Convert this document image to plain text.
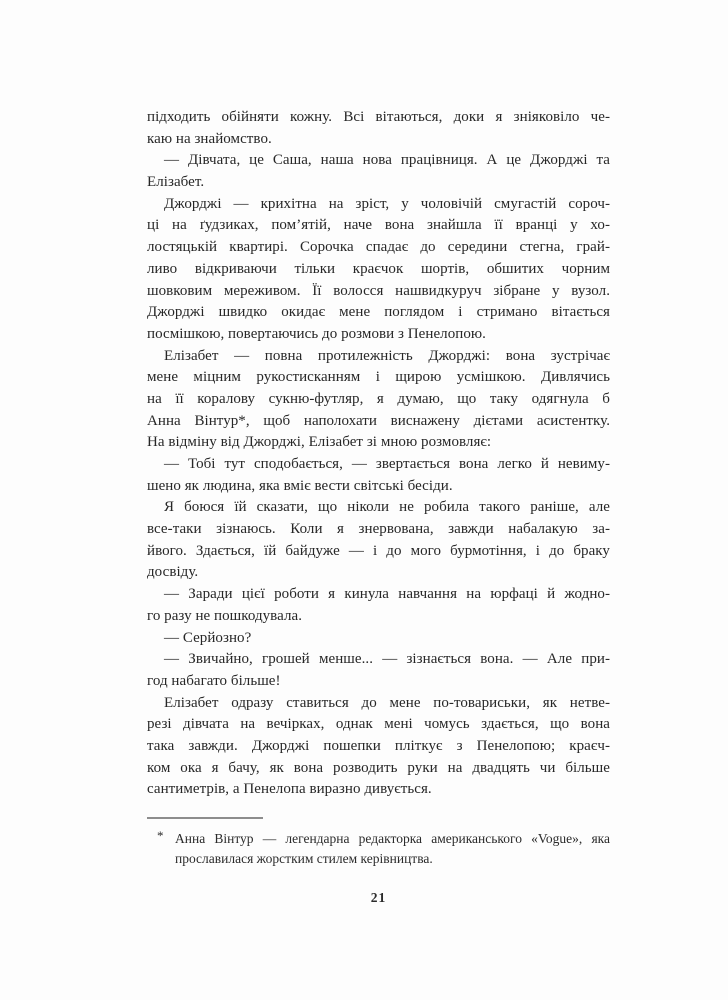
підходить обійняти кожну. Всі вітаються, доки я зніяковіло че-
каю на знайомство.
— Дівчата, це Саша, наша нова працівниця. А це Джорджі та
Елізабет.
Джорджі — крихітна на зріст, у чоловічій смугастій сороч-
ці на ґудзиках, пом’ятій, наче вона знайшла її вранці у хо-
лостяцькій квартирі. Сорочка спадає до середини стегна, грай-
ливо відкриваючи тільки краєчок шортів, обшитих чорним
шовковим мереживом. Її волосся нашвидкуруч зібране у вузол.
Джорджі швидко окидає мене поглядом і стримано вітається
посмішкою, повертаючись до розмови з Пенелопою.
Елізабет — повна протилежність Джорджі: вона зустрічає
мене міцним рукостисканням і щирою усмішкою. Дивлячись
на її коралову сукню-футляр, я думаю, що таку одягнула б
Анна Вінтур*, щоб наполохати виснажену дієтами асистентку.
На відміну від Джорджі, Елізабет зі мною розмовляє:
— Тобі тут сподобається, — звертається вона легко й невиму-
шено як людина, яка вміє вести світські бесіди.
Я боюся їй сказати, що ніколи не робила такого раніше, але
все-таки зізнаюсь. Коли я знервована, завжди набалакую за-
йвого. Здається, їй байдуже — і до мого бурмотіння, і до браку
досвіду.
— Заради цієї роботи я кинула навчання на юрфаці й жодно-
го разу не пошкодувала.
— Серйозно?
— Звичайно, грошей менше... — зізнається вона. — Але при-
год набагато більше!
Елізабет одразу ставиться до мене по-товариськи, як нетве-
резі дівчата на вечірках, однак мені чомусь здається, що вона
така завжди. Джорджі пошепки пліткує з Пенелопою; краєч-
ком ока я бачу, як вона розводить руки на двадцять чи більше
сантиметрів, а Пенелопа виразно дивується.
* Анна Вінтур — легендарна редакторка американського «Vogue», яка
прославилася жорстким стилем керівництва.
21
